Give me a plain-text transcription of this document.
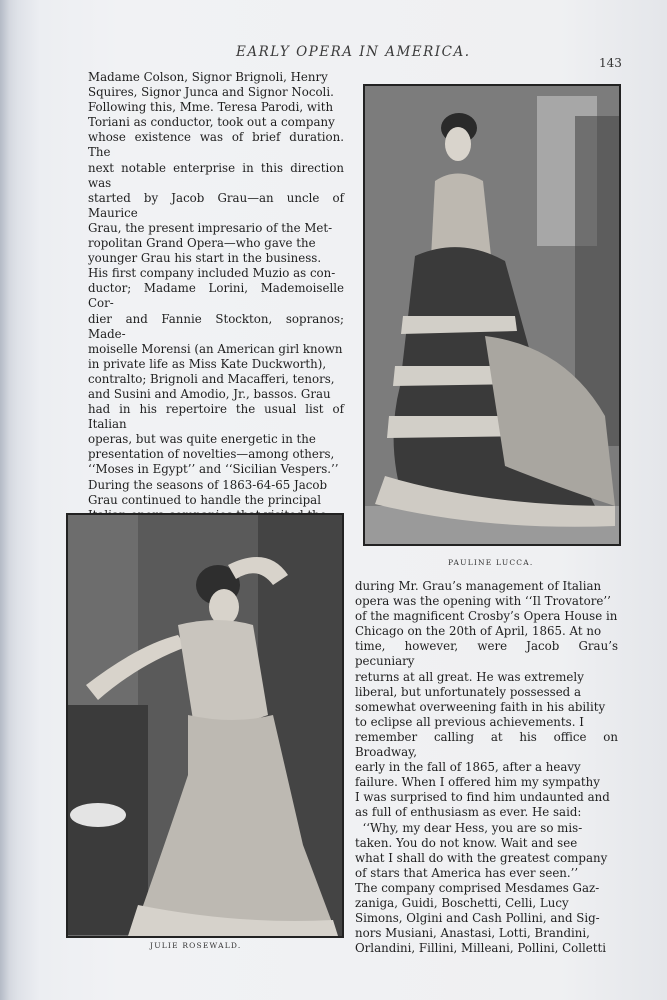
EARLY OPERA IN AMERICA.
143

Madame Colson, Signor Brignoli, Henry

Squires, Signor Junca and Signor Nocoli.

Following this, Mme. Teresa Parodi, with

Toriani as conductor, took out a company

whose existence was of brief duration. The

next notable enterprise in this direction was

started by Jacob Grau—an uncle of Maurice

Grau, the present impresario of the Met-

ropolitan Grand Opera—who gave the

younger Grau his start in the business.

His first company included Muzio as con-

ductor; Madame Lorini, Mademoiselle Cor-

dier and Fannie Stockton, sopranos; Made-

moiselle Morensi (an American girl known

in private life as Miss Kate Duckworth),

contralto; Brignoli and Macafferi, tenors,

and Susini and Amodio, Jr., bassos. Grau

had in his repertoire the usual list of Italian

operas, but was quite energetic in the

presentation of novelties—among others,

‘‘Moses in Egypt’’ and ‘‘Sicilian Vespers.’’

During the seasons of 1863-64-65 Jacob

Grau continued to handle the principal

PAULINE LUCCA.
JULIE ROSEWALD.

during Mr. Grau’s management of Italian

opera was the opening with ‘‘Il Trovatore’’

of the magnificent Crosby’s Opera House in

Chicago on the 20th of April, 1865. At no

time, however, were Jacob Grau’s pecuniary

returns at all great. He was extremely

liberal, but unfortunately possessed a

somewhat overweening faith in his ability

to eclipse all previous achievements. I

remember calling at his office on Broadway,

early in the fall of 1865, after a heavy

failure. When I offered him my sympathy

I was surprised to find him undaunted and

as full of enthusiasm as ever. He said:

‘‘Why, my dear Hess, you are so mis-

taken. You do not know. Wait and see

what I shall do with the greatest company

of stars that America has ever seen.’’

The company comprised Mesdames Gaz-

zaniga, Guidi, Boschetti, Celli, Lucy

Simons, Olgini and Cash Pollini, and Sig-

nors Musiani, Anastasi, Lotti, Brandini,

Orlandini, Fillini, Milleani, Pollini, Colletti
